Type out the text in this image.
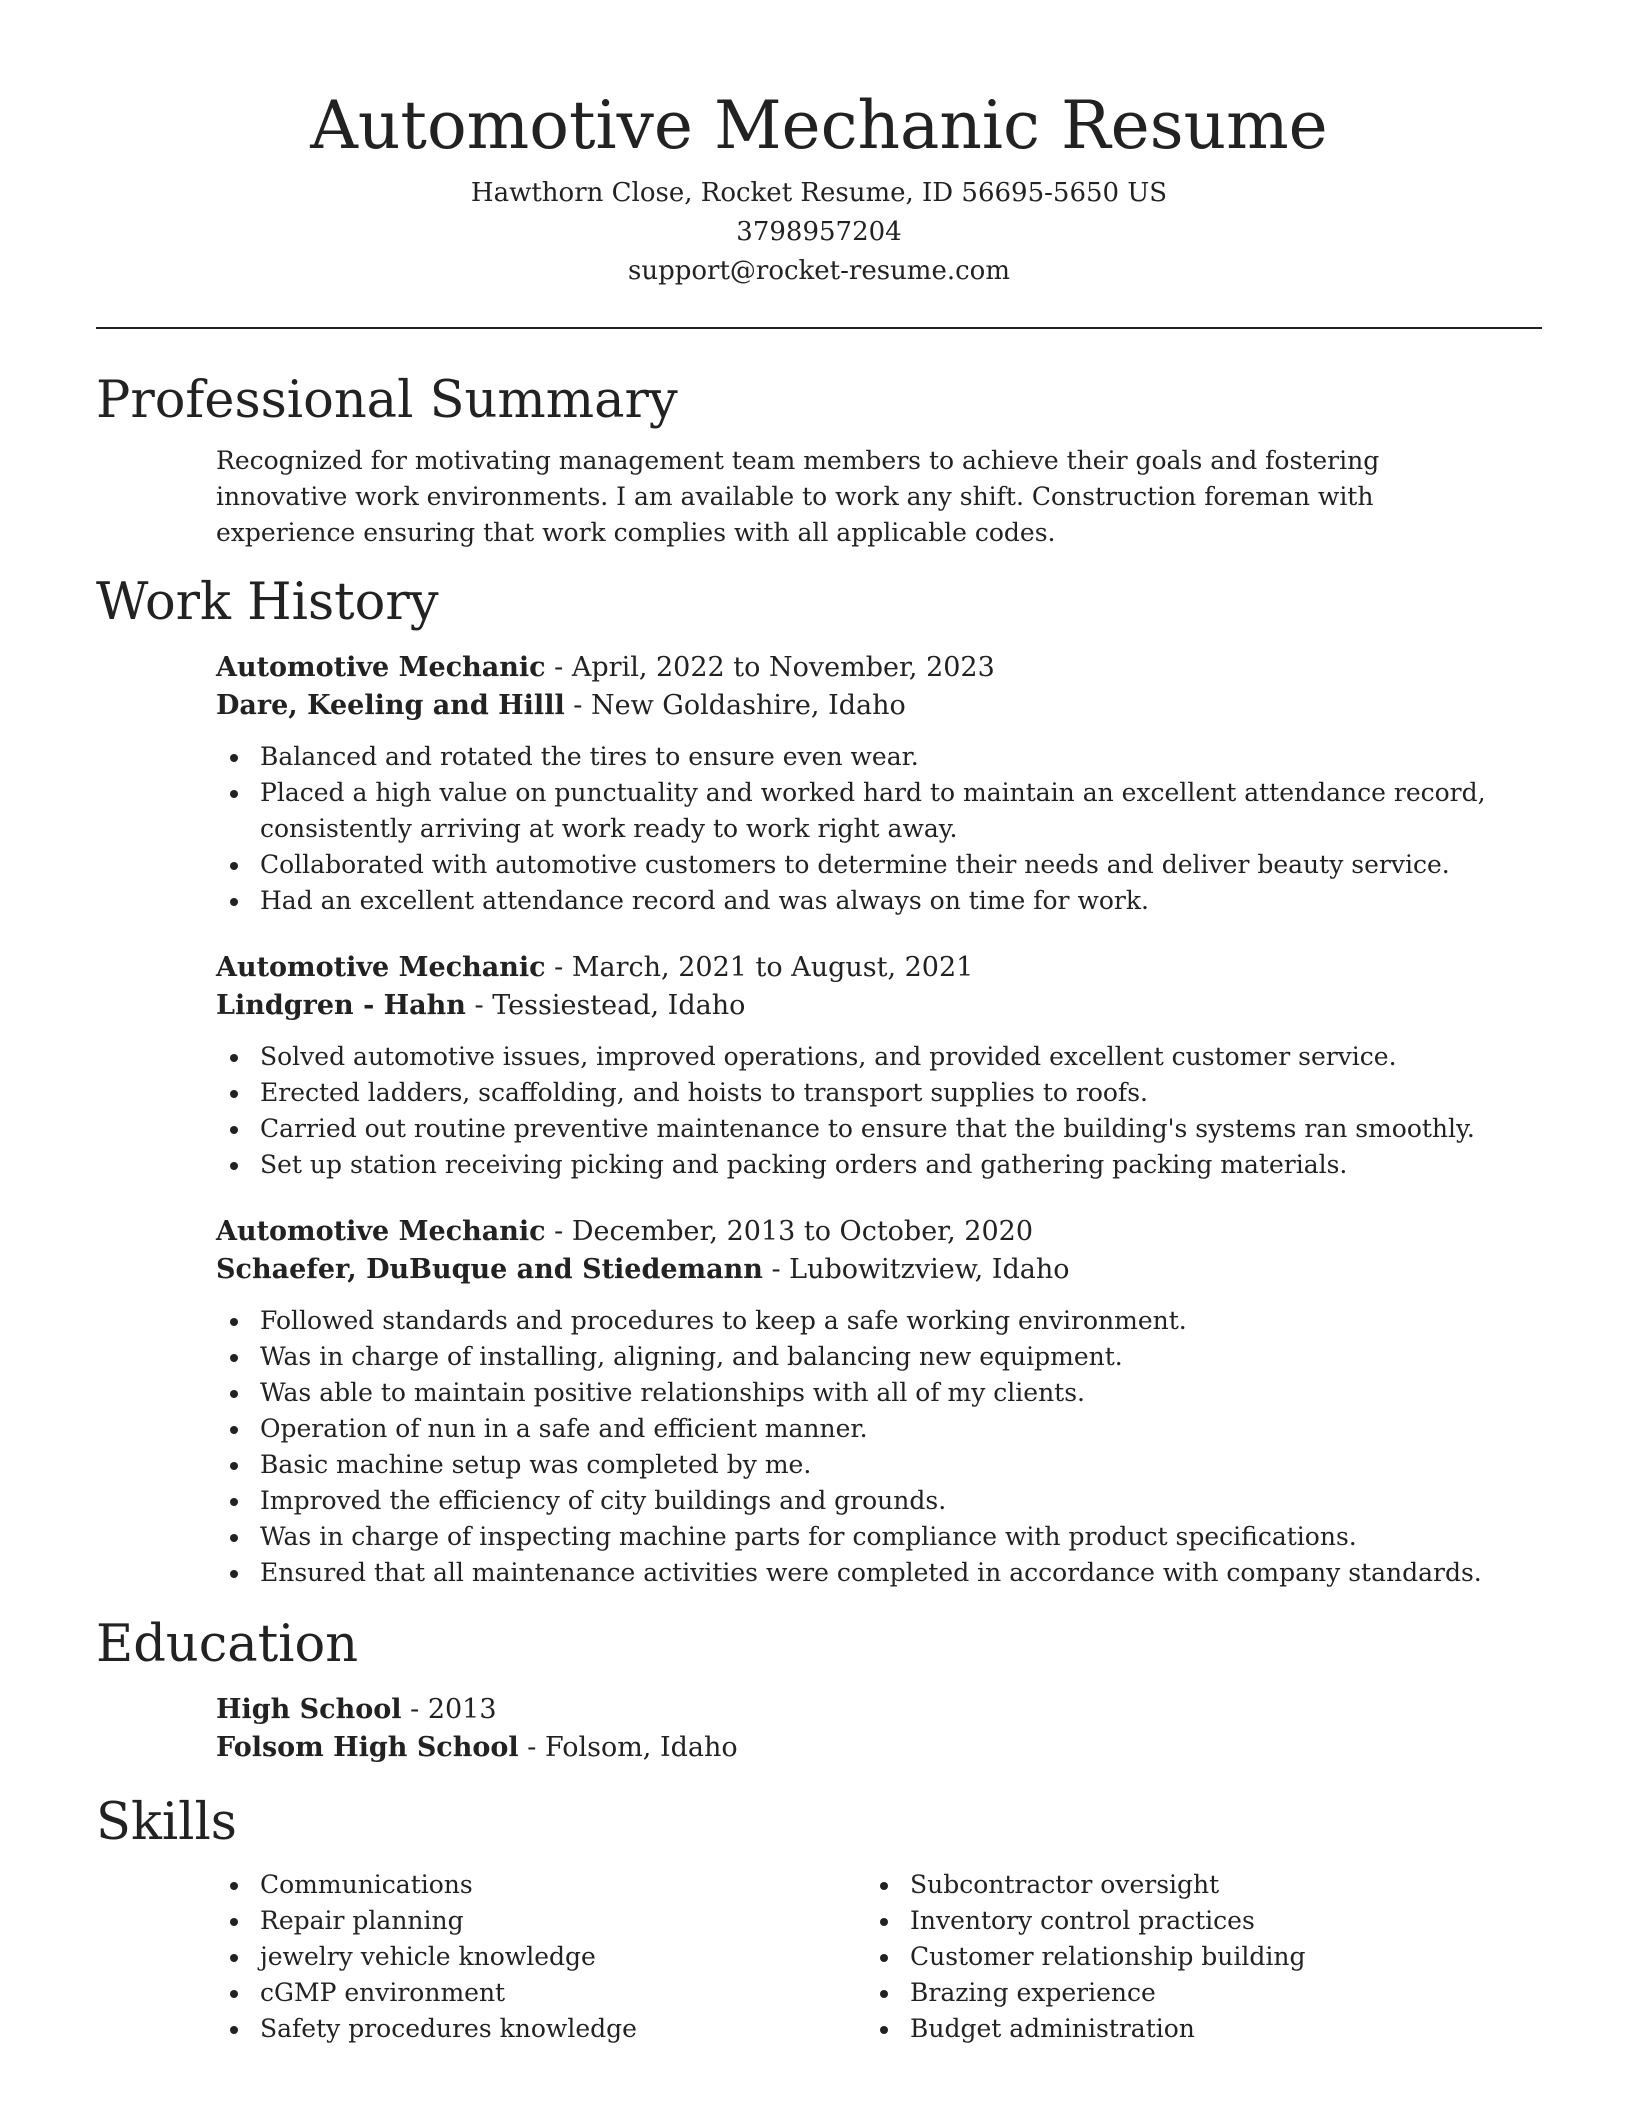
Automotive Mechanic Resume
Hawthorn Close, Rocket Resume, ID 56695-5650 US
3798957204
support@rocket-resume.com
Professional Summary

Recognized for motivating management team members to achieve their goals and fostering innovative work environments. I am available to work any shift. Construction foreman with experience ensuring that work complies with all applicable codes.

Work History
Automotive Mechanic - April, 2022 to November, 2023
Dare, Keeling and Hilll - New Goldashire, Idaho
Balanced and rotated the tires to ensure even wear.
Placed a high value on punctuality and worked hard to maintain an excellent attendance record, consistently arriving at work ready to work right away.
Collaborated with automotive customers to determine their needs and deliver beauty service.
Had an excellent attendance record and was always on time for work.
Automotive Mechanic - March, 2021 to August, 2021
Lindgren - Hahn - Tessiestead, Idaho
Solved automotive issues, improved operations, and provided excellent customer service.
Erected ladders, scaffolding, and hoists to transport supplies to roofs.
Carried out routine preventive maintenance to ensure that the building's systems ran smoothly.
Set up station receiving picking and packing orders and gathering packing materials.
Automotive Mechanic - December, 2013 to October, 2020
Schaefer, DuBuque and Stiedemann - Lubowitzview, Idaho
Followed standards and procedures to keep a safe working environment.
Was in charge of installing, aligning, and balancing new equipment.
Was able to maintain positive relationships with all of my clients.
Operation of nun in a safe and efficient manner.
Basic machine setup was completed by me.
Improved the efficiency of city buildings and grounds.
Was in charge of inspecting machine parts for compliance with product specifications.
Ensured that all maintenance activities were completed in accordance with company standards.
Education
High School - 2013
Folsom High School - Folsom, Idaho
Skills
Communications
Repair planning
jewelry vehicle knowledge
cGMP environment
Safety procedures knowledge
Subcontractor oversight
Inventory control practices
Customer relationship building
Brazing experience
Budget administration
